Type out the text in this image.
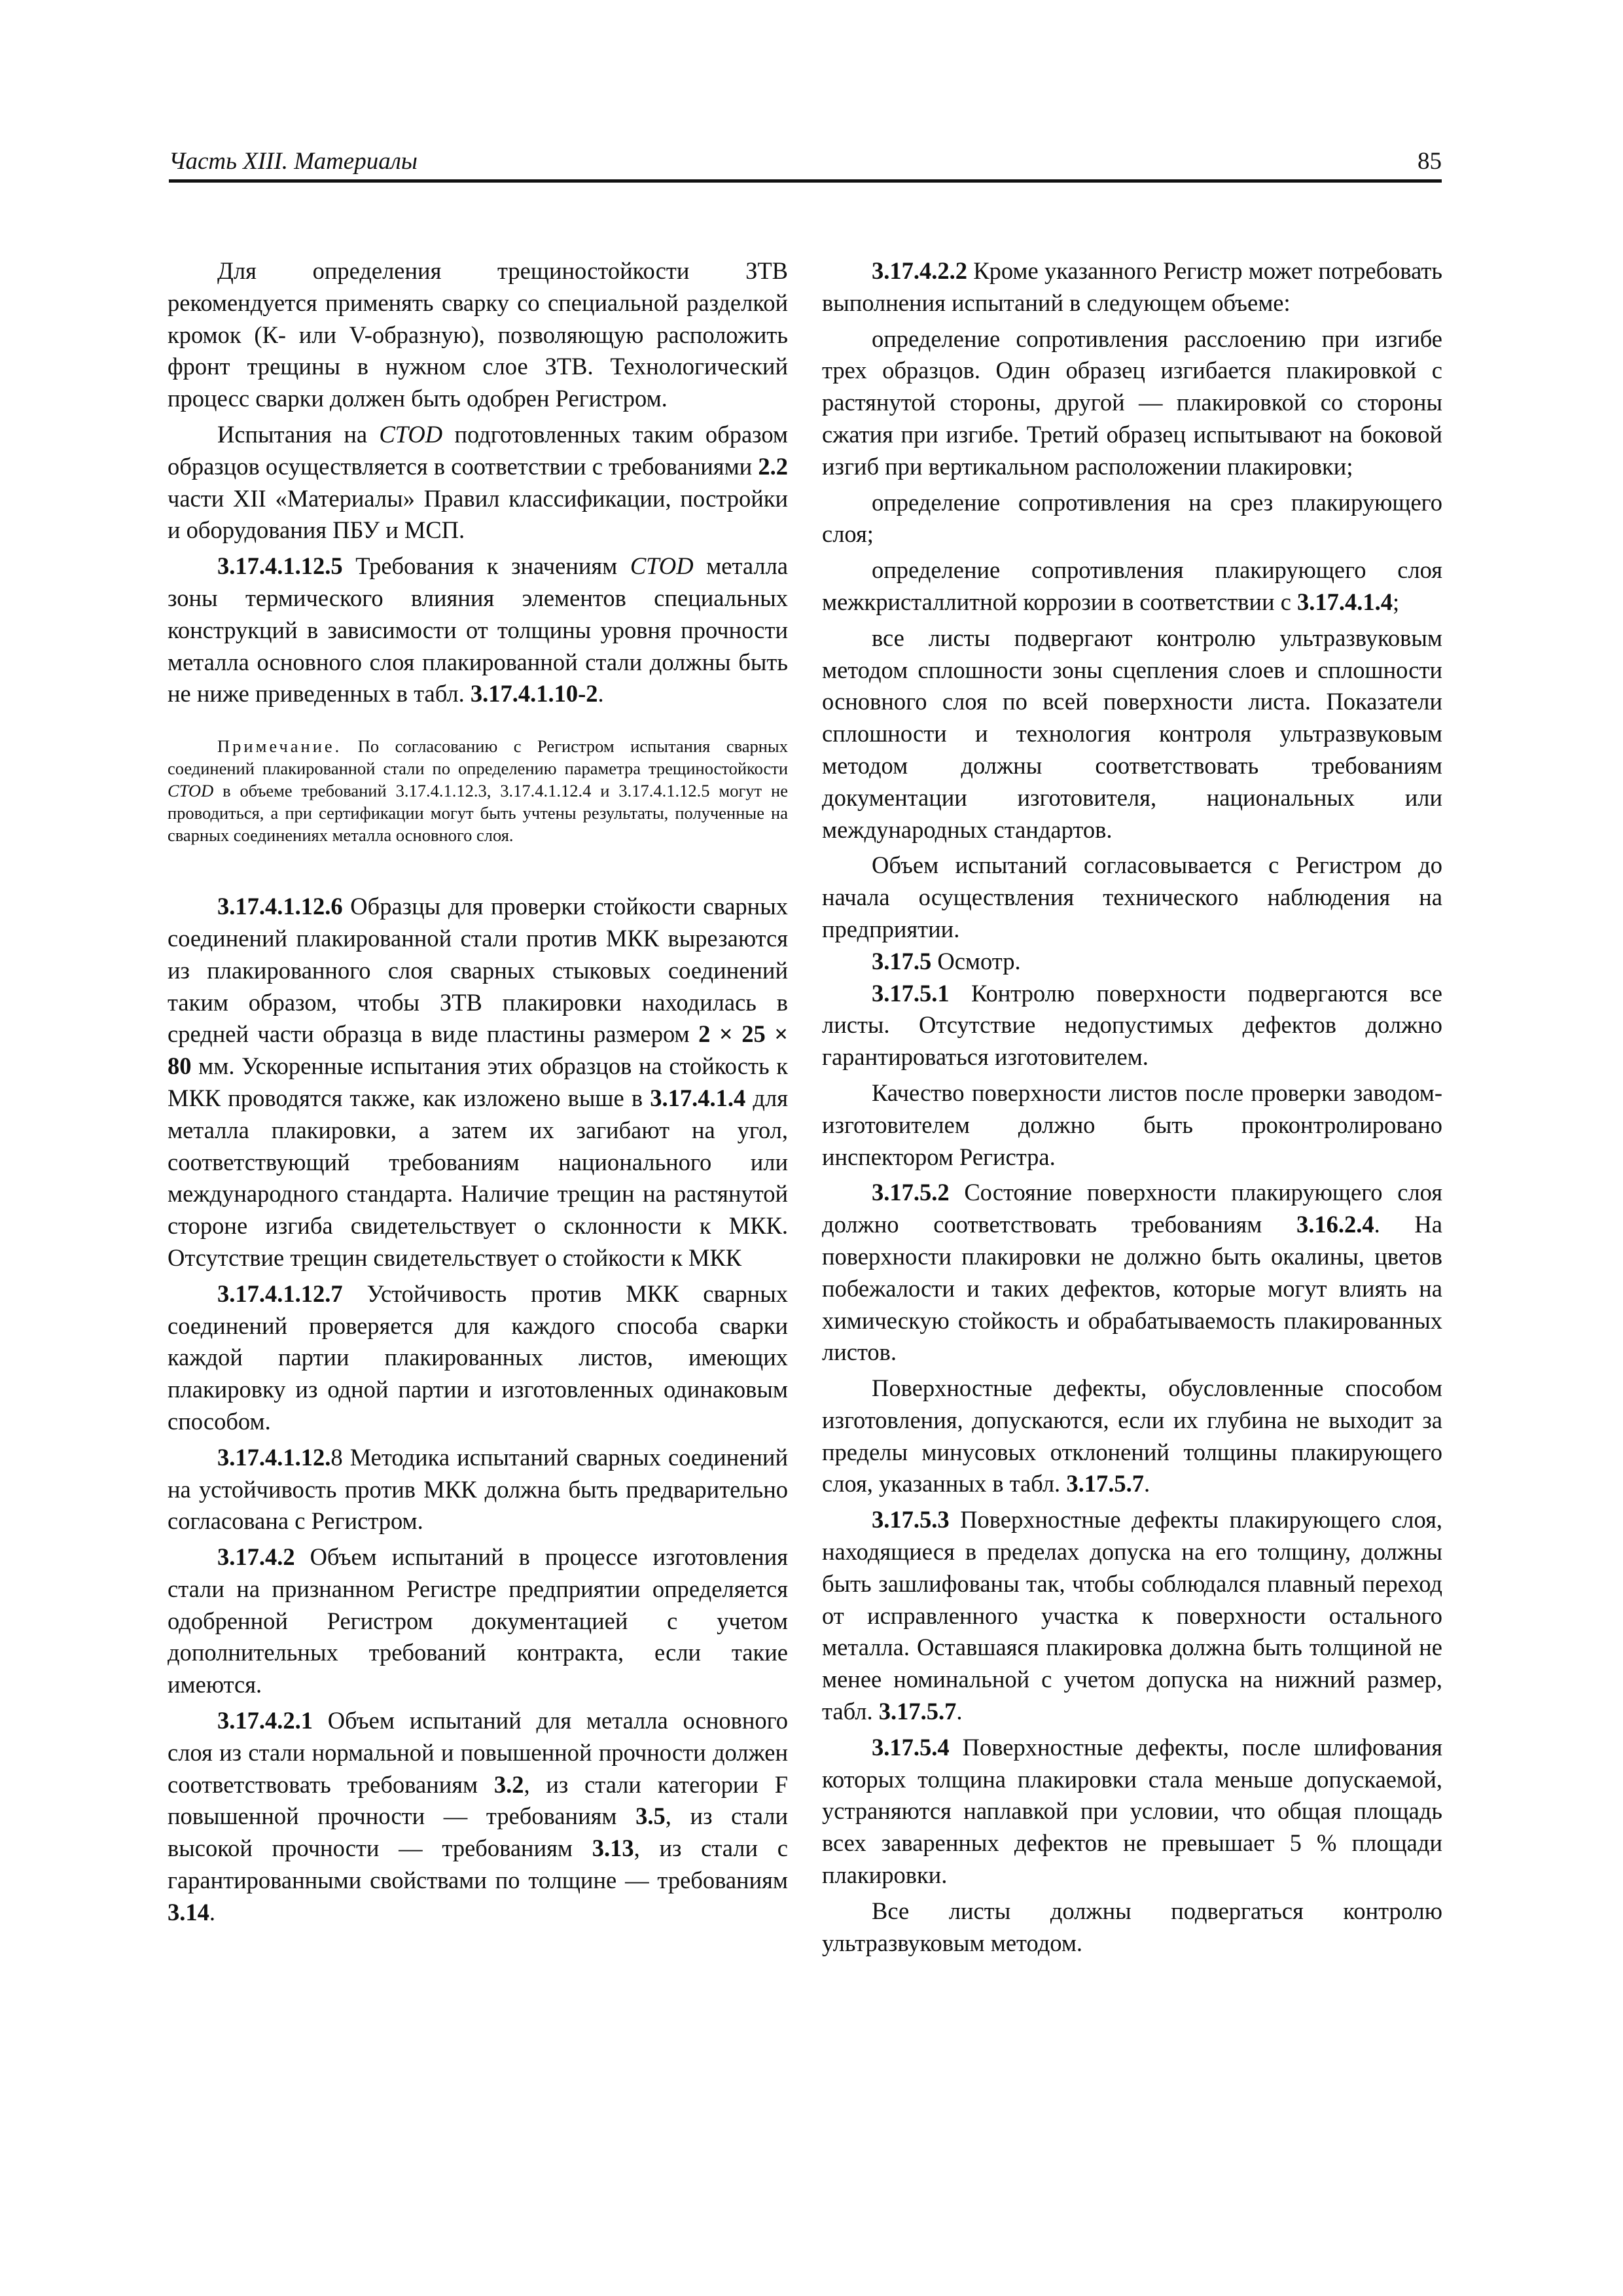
Часть XIII. Материалы	85

Для определения трещиностойкости ЗТВ рекомендуется применять сварку со специальной разделкой кромок (К- или V-образную), позволяющую расположить фронт трещины в нужном слое ЗТВ. Технологический процесс сварки должен быть одобрен Регистром.

Испытания на CTOD подготовленных таким образом образцов осуществляется в соответствии с требованиями 2.2 части XII «Материалы» Правил классификации, постройки и оборудования ПБУ и МСП.

3.17.4.1.12.5 Требования к значениям CTOD металла зоны термического влияния элементов специальных конструкций в зависимости от толщины уровня прочности металла основного слоя плакированной стали должны быть не ниже приведенных в табл. 3.17.4.1.10-2.

Примечание. По согласованию с Регистром испытания сварных соединений плакированной стали по определению параметра трещиностойкости CTOD в объеме требований 3.17.4.1.12.3, 3.17.4.1.12.4 и 3.17.4.1.12.5 могут не проводиться, а при сертификации могут быть учтены результаты, полученные на сварных соединениях металла основного слоя.

3.17.4.1.12.6 Образцы для проверки стойкости сварных соединений плакированной стали против МКК вырезаются из плакированного слоя сварных стыковых соединений таким образом, чтобы ЗТВ плакировки находилась в средней части образца в виде пластины размером 2 × 25 × 80 мм. Ускоренные испытания этих образцов на стойкость к МКК проводятся также, как изложено выше в 3.17.4.1.4 для металла плакировки, а затем их загибают на угол, соответствующий требованиям национального или международного стандарта. Наличие трещин на растянутой стороне изгиба свидетельствует о склонности к МКК. Отсутствие трещин свидетельствует о стойкости к МКК

3.17.4.1.12.7 Устойчивость против МКК сварных соединений проверяется для каждого способа сварки каждой партии плакированных листов, имеющих плакировку из одной партии и изготовленных одинаковым способом.

3.17.4.1.12.8 Методика испытаний сварных соединений на устойчивость против МКК должна быть предварительно согласована с Регистром.

3.17.4.2 Объем испытаний в процессе изготовления стали на признанном Регистре предприятии определяется одобренной Регистром документацией с учетом дополнительных требований контракта, если такие имеются.

3.17.4.2.1 Объем испытаний для металла основного слоя из стали нормальной и повышенной прочности должен соответствовать требованиям 3.2, из стали категории F повышенной прочности — требованиям 3.5, из стали высокой прочности — требованиям 3.13, из стали с гарантированными свойствами по толщине — требованиям 3.14.

3.17.4.2.2 Кроме указанного Регистр может потребовать выполнения испытаний в следующем объеме:

определение сопротивления расслоению при изгибе трех образцов. Один образец изгибается плакировкой с растянутой стороны, другой — плакировкой со стороны сжатия при изгибе. Третий образец испытывают на боковой изгиб при вертикальном расположении плакировки;

определение сопротивления на срез плакирующего слоя;

определение сопротивления плакирующего слоя межкристаллитной коррозии в соответствии с 3.17.4.1.4;

все листы подвергают контролю ультразвуковым методом сплошности зоны сцепления слоев и сплошности основного слоя по всей поверхности листа. Показатели сплошности и технология контроля ультразвуковым методом должны соответствовать требованиям документации изготовителя, национальных или международных стандартов.

Объем испытаний согласовывается с Регистром до начала осуществления технического наблюдения на предприятии.

3.17.5 Осмотр.

3.17.5.1 Контролю поверхности подвергаются все листы. Отсутствие недопустимых дефектов должно гарантироваться изготовителем.

Качество поверхности листов после проверки заводом-изготовителем должно быть проконтролировано инспектором Регистра.

3.17.5.2 Состояние поверхности плакирующего слоя должно соответствовать требованиям 3.16.2.4. На поверхности плакировки не должно быть окалины, цветов побежалости и таких дефектов, которые могут влиять на химическую стойкость и обрабатываемость плакированных листов.

Поверхностные дефекты, обусловленные способом изготовления, допускаются, если их глубина не выходит за пределы минусовых отклонений толщины плакирующего слоя, указанных в табл. 3.17.5.7.

3.17.5.3 Поверхностные дефекты плакирующего слоя, находящиеся в пределах допуска на его толщину, должны быть зашлифованы так, чтобы соблюдался плавный переход от исправленного участка к поверхности остального металла. Оставшаяся плакировка должна быть толщиной не менее номинальной с учетом допуска на нижний размер, табл. 3.17.5.7.

3.17.5.4 Поверхностные дефекты, после шлифования которых толщина плакировки стала меньше допускаемой, устраняются наплавкой при условии, что общая площадь всех заваренных дефектов не превышает 5 % площади плакировки.

Все листы должны подвергаться контролю ультразвуковым методом.
